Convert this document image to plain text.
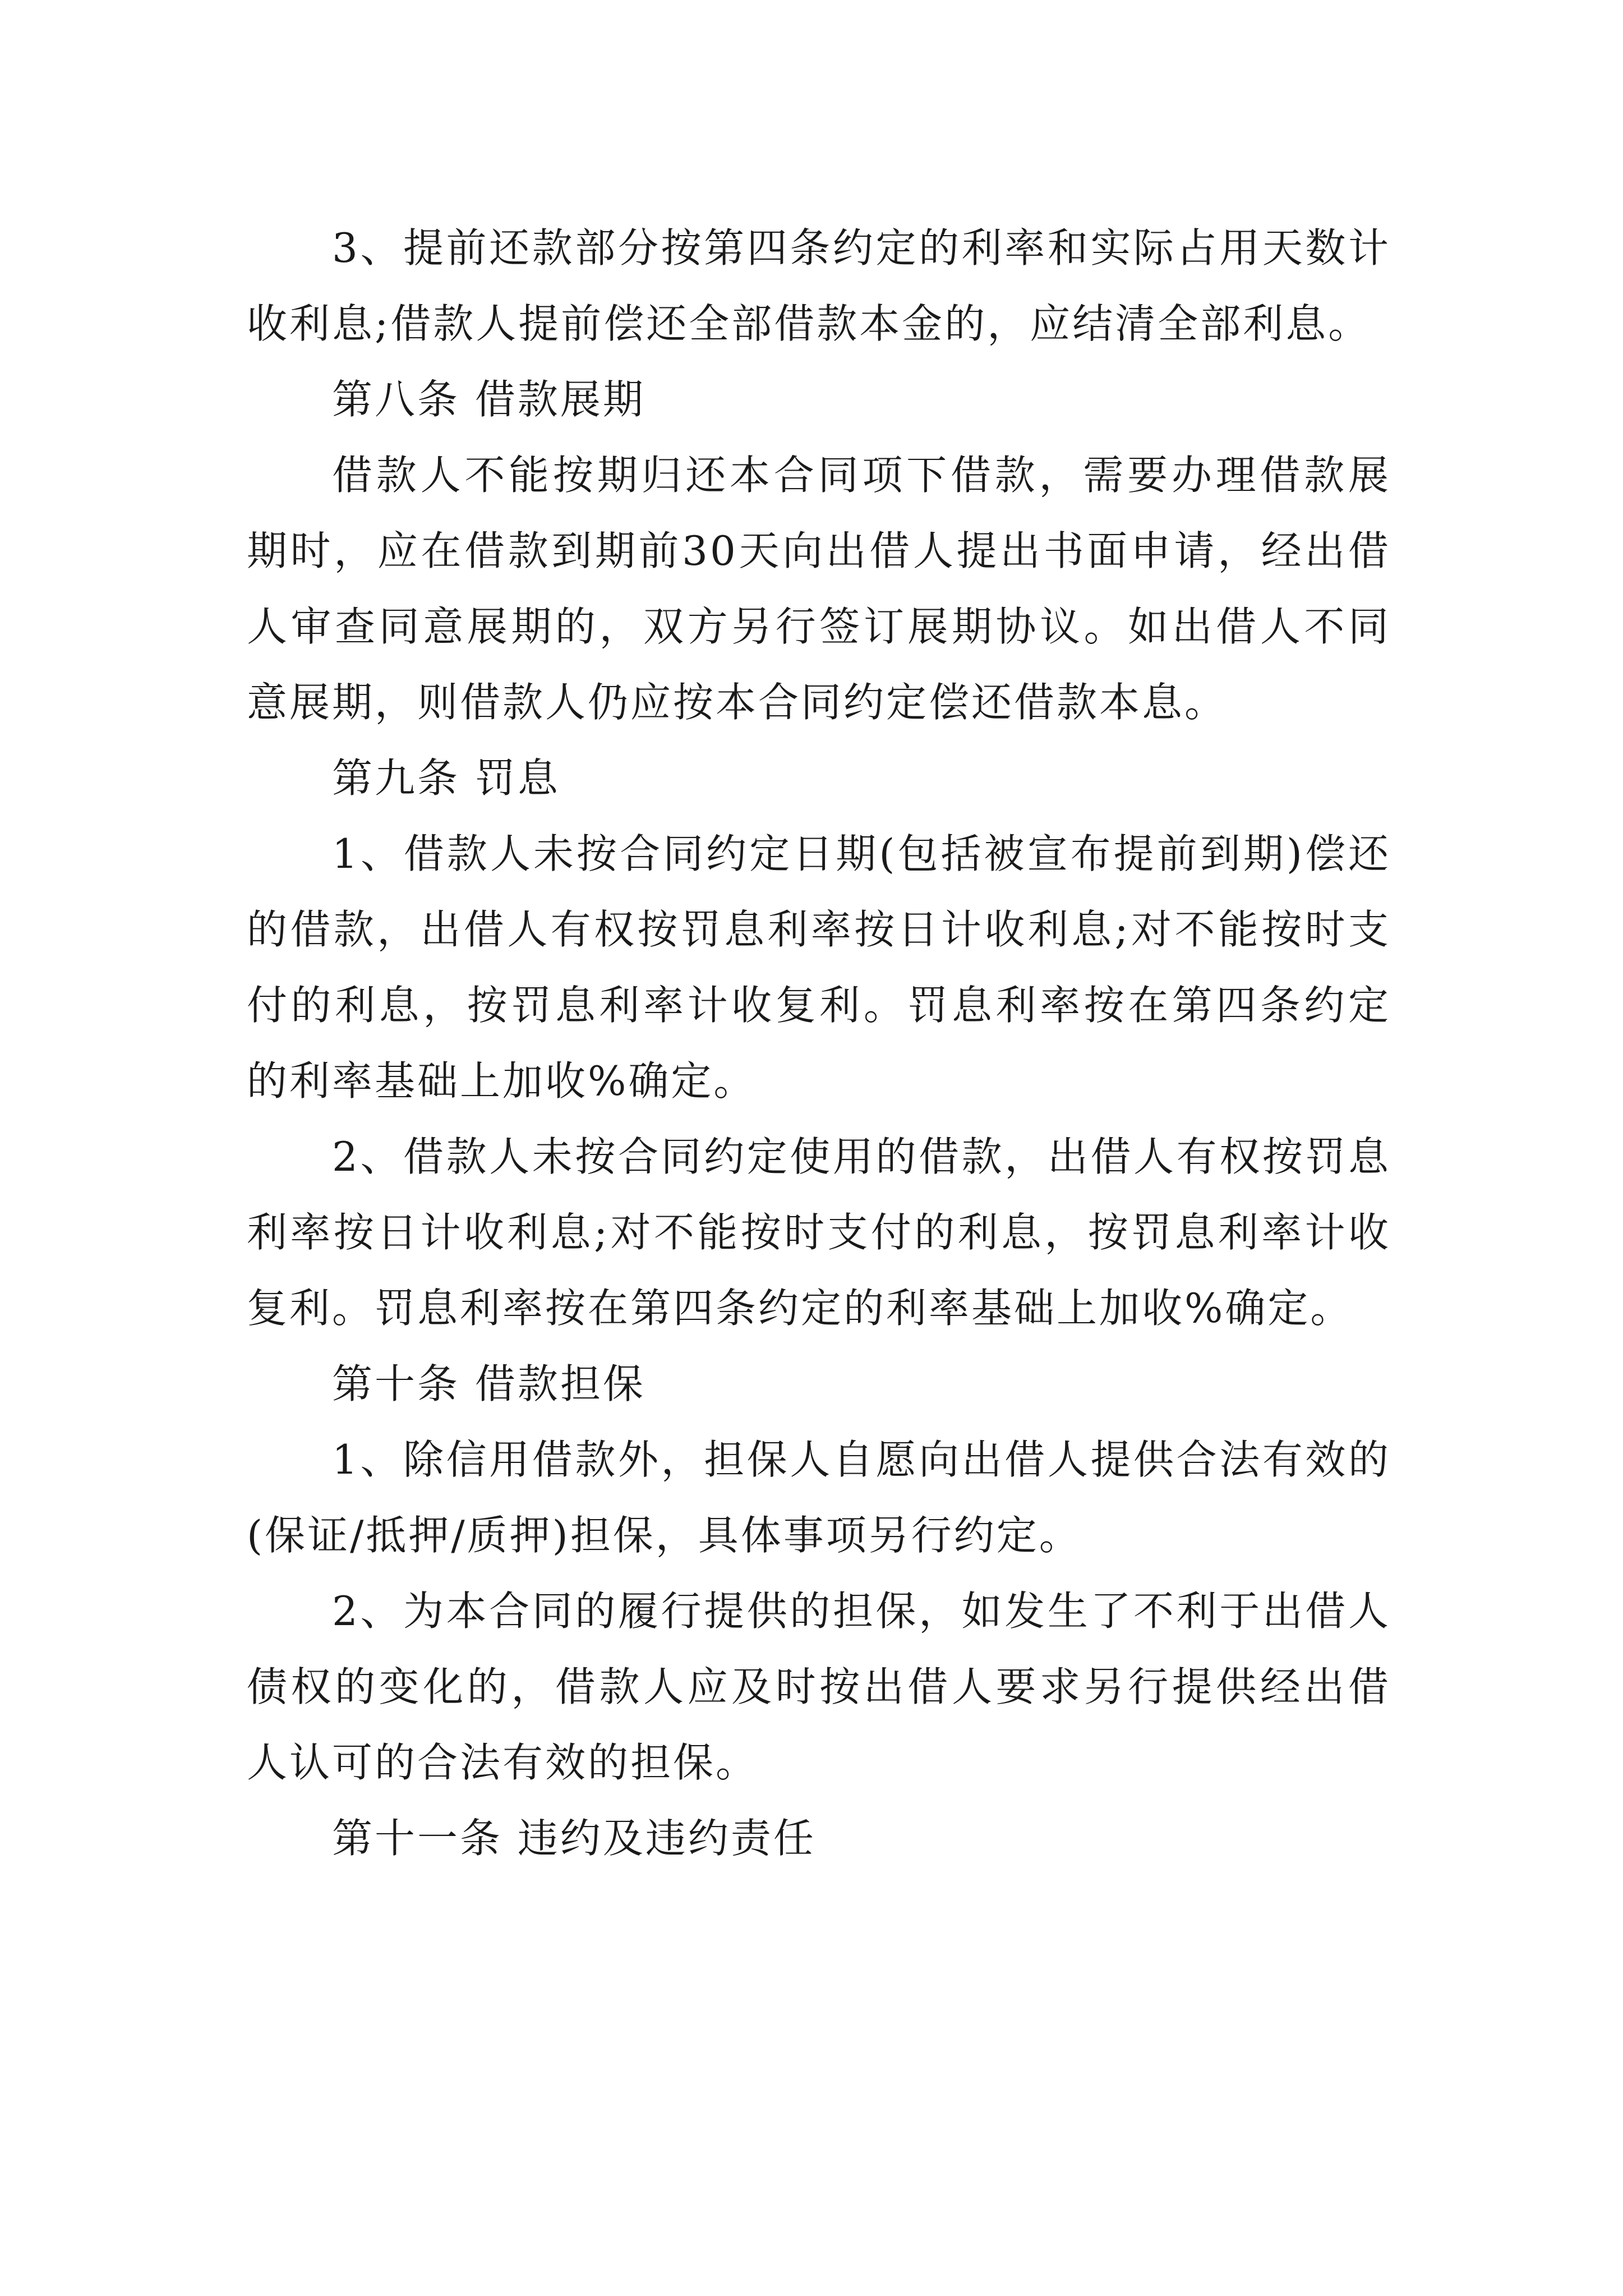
3、提前还款部分按第四条约定的利率和实际占用天数计收利息;借款人提前偿还全部借款本金的，应结清全部利息。

第八条 借款展期

借款人不能按期归还本合同项下借款，需要办理借款展期时，应在借款到期前30天向出借人提出书面申请，经出借人审查同意展期的，双方另行签订展期协议。如出借人不同意展期，则借款人仍应按本合同约定偿还借款本息。

第九条 罚息

1、借款人未按合同约定日期(包括被宣布提前到期)偿还的借款，出借人有权按罚息利率按日计收利息;对不能按时支付的利息，按罚息利率计收复利。罚息利率按在第四条约定的利率基础上加收%确定。

2、借款人未按合同约定使用的借款，出借人有权按罚息利率按日计收利息;对不能按时支付的利息，按罚息利率计收复利。罚息利率按在第四条约定的利率基础上加收%确定。

第十条 借款担保

1、除信用借款外，担保人自愿向出借人提供合法有效的 (保证/抵押/质押)担保，具体事项另行约定。

2、为本合同的履行提供的担保，如发生了不利于出借人债权的变化的，借款人应及时按出借人要求另行提供经出借人认可的合法有效的担保。

第十一条 违约及违约责任
